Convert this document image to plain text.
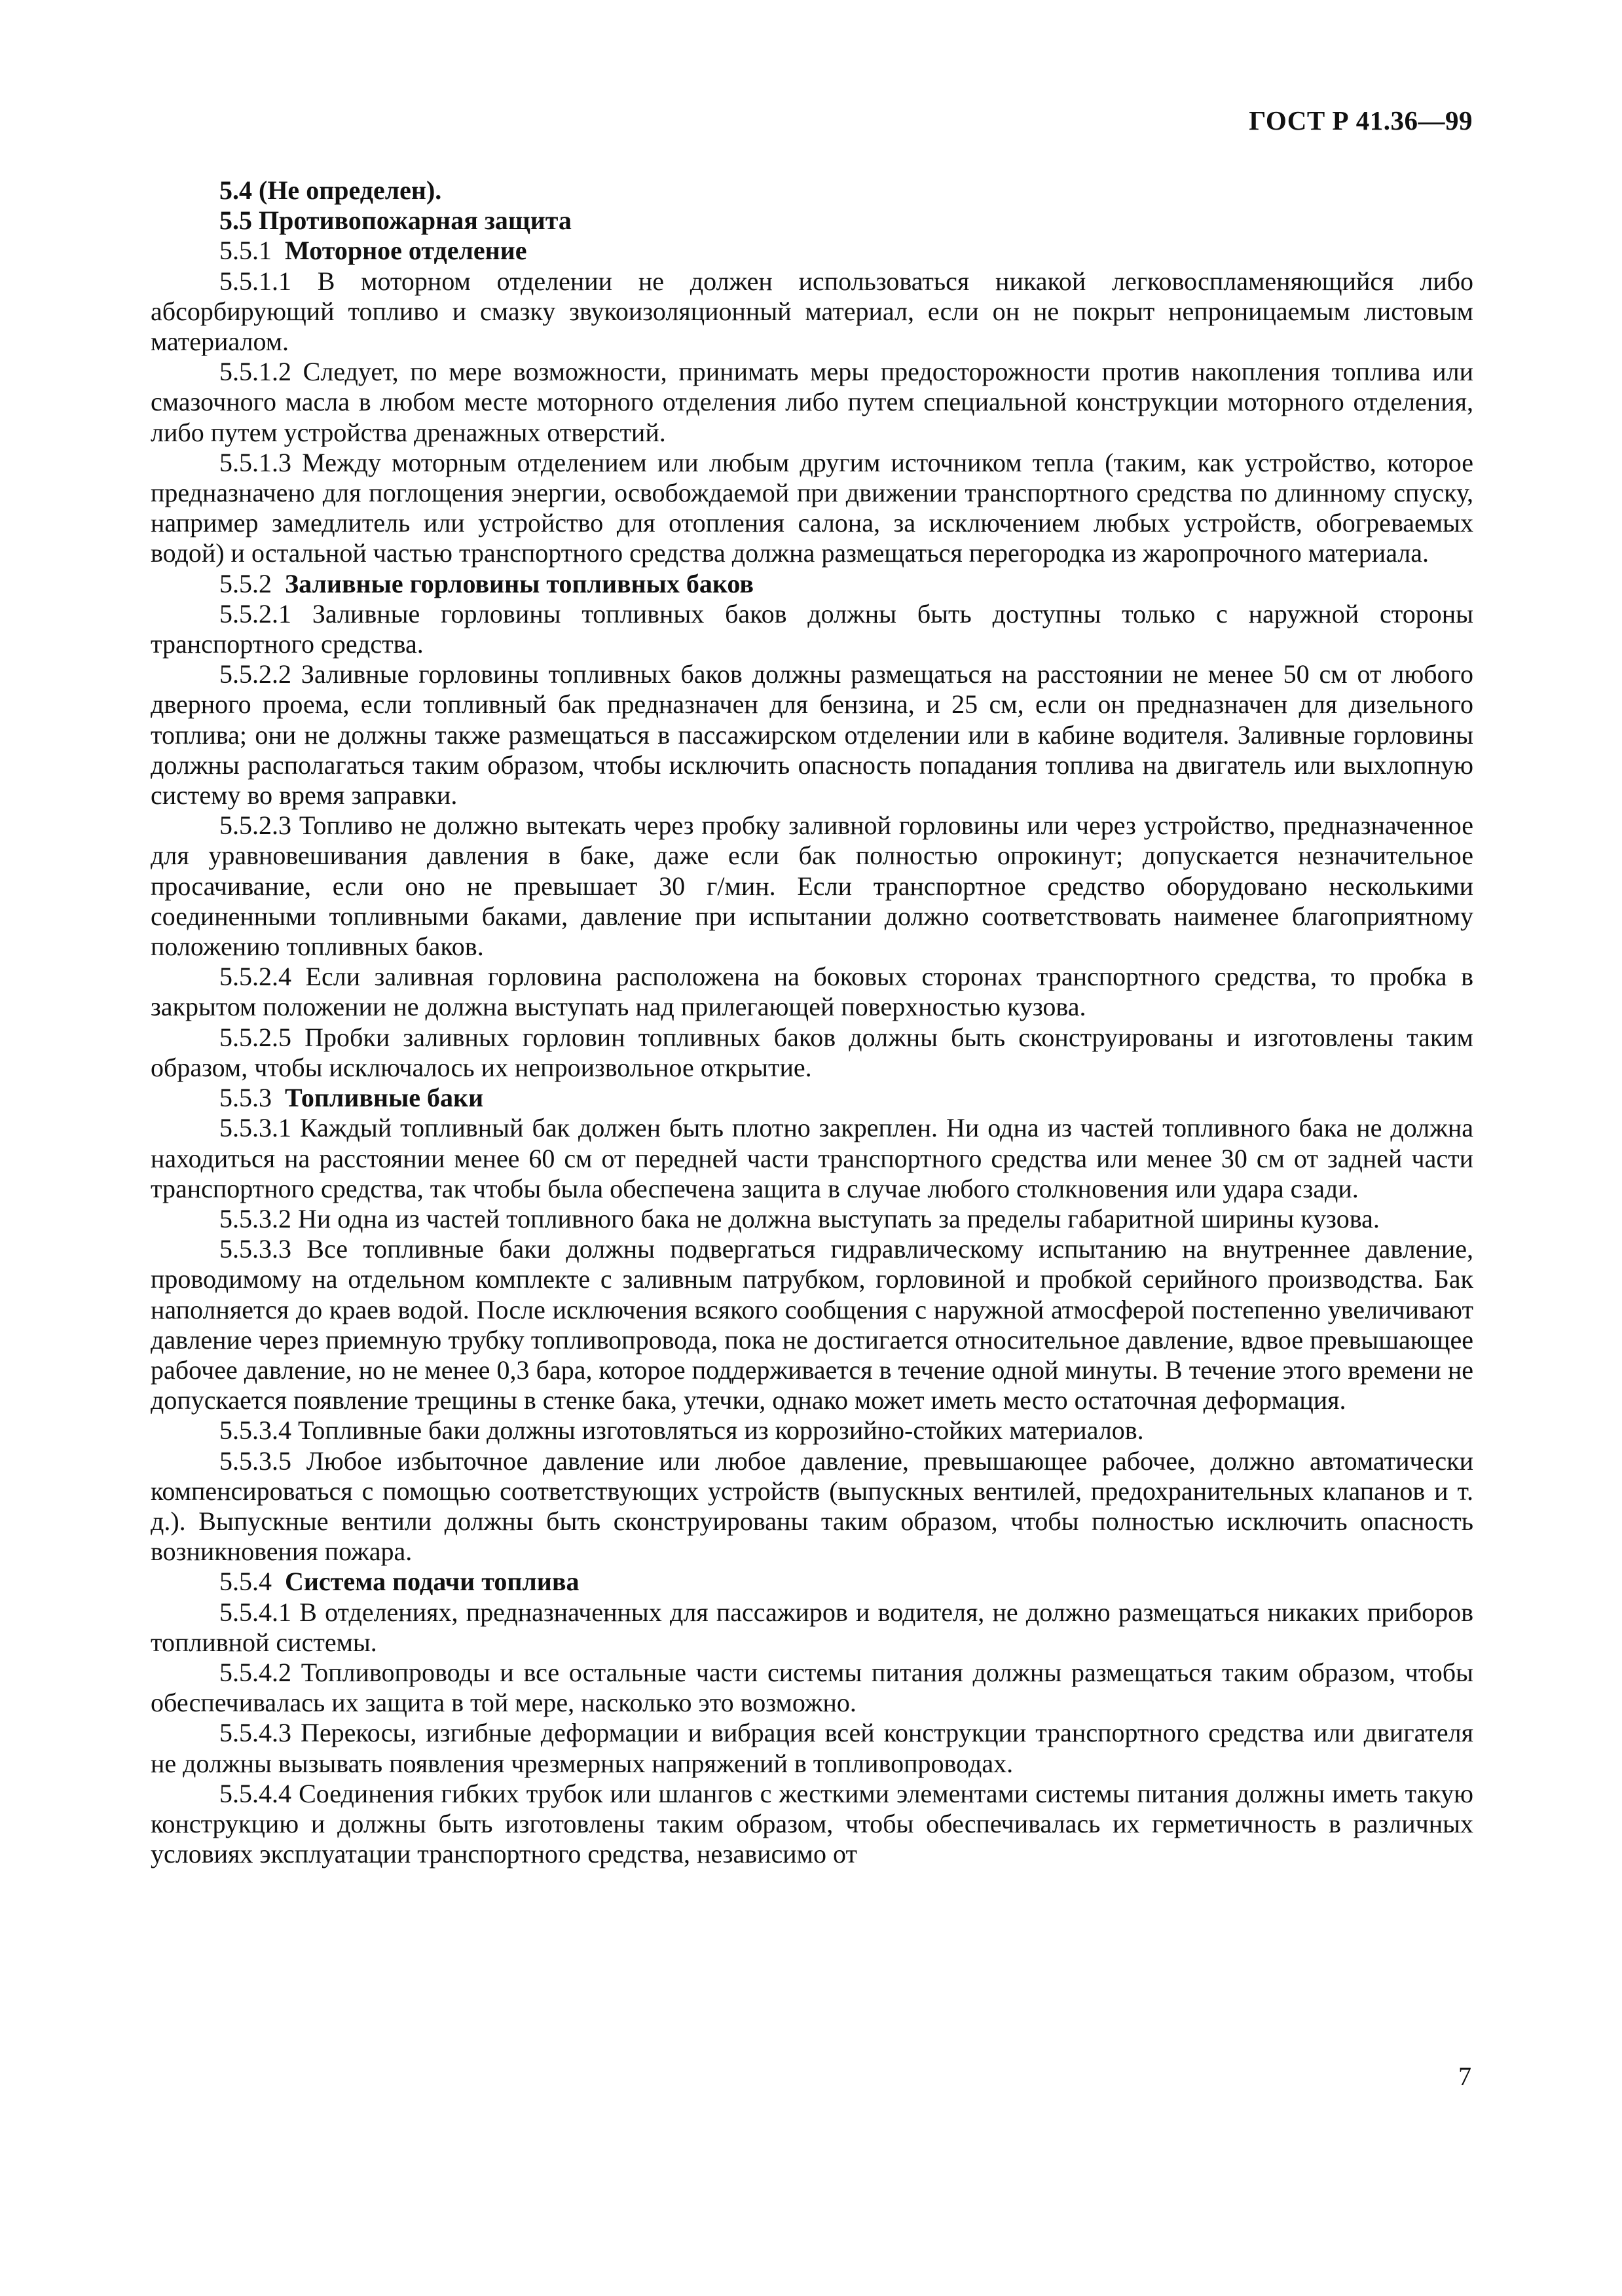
ГОСТ Р 41.36—99

5.4 (Не определен).

5.5 Противопожарная защита

5.5.1 Моторное отделение

5.5.1.1 В моторном отделении не должен использоваться никакой легковоспламеняющийся либо абсорбирующий топливо и смазку звукоизоляционный материал, если он не покрыт непроницаемым листовым материалом.

5.5.1.2 Следует, по мере возможности, принимать меры предосторожности против накопления топлива или смазочного масла в любом месте моторного отделения либо путем специальной конструкции моторного отделения, либо путем устройства дренажных отверстий.

5.5.1.3 Между моторным отделением или любым другим источником тепла (таким, как устройство, которое предназначено для поглощения энергии, освобождаемой при движении транспортного средства по длинному спуску, например замедлитель или устройство для отопления салона, за исключением любых устройств, обогреваемых водой) и остальной частью транспортного средства должна размещаться перегородка из жаропрочного материала.

5.5.2 Заливные горловины топливных баков

5.5.2.1 Заливные горловины топливных баков должны быть доступны только с наружной стороны транспортного средства.

5.5.2.2 Заливные горловины топливных баков должны размещаться на расстоянии не менее 50 см от любого дверного проема, если топливный бак предназначен для бензина, и 25 см, если он предназначен для дизельного топлива; они не должны также размещаться в пассажирском отделении или в кабине водителя. Заливные горловины должны располагаться таким образом, чтобы исключить опасность попадания топлива на двигатель или выхлопную систему во время заправки.

5.5.2.3 Топливо не должно вытекать через пробку заливной горловины или через устройство, предназначенное для уравновешивания давления в баке, даже если бак полностью опрокинут; допускается незначительное просачивание, если оно не превышает 30 г/мин. Если транспортное средство оборудовано несколькими соединенными топливными баками, давление при испытании должно соответствовать наименее благоприятному положению топливных баков.

5.5.2.4 Если заливная горловина расположена на боковых сторонах транспортного средства, то пробка в закрытом положении не должна выступать над прилегающей поверхностью кузова.

5.5.2.5 Пробки заливных горловин топливных баков должны быть сконструированы и изготовлены таким образом, чтобы исключалось их непроизвольное открытие.

5.5.3 Топливные баки

5.5.3.1 Каждый топливный бак должен быть плотно закреплен. Ни одна из частей топливного бака не должна находиться на расстоянии менее 60 см от передней части транспортного средства или менее 30 см от задней части транспортного средства, так чтобы была обеспечена защита в случае любого столкновения или удара сзади.

5.5.3.2 Ни одна из частей топливного бака не должна выступать за пределы габаритной ширины кузова.

5.5.3.3 Все топливные баки должны подвергаться гидравлическому испытанию на внутреннее давление, проводимому на отдельном комплекте с заливным патрубком, горловиной и пробкой серийного производства. Бак наполняется до краев водой. После исключения всякого сообщения с наружной атмосферой постепенно увеличивают давление через приемную трубку топливопровода, пока не достигается относительное давление, вдвое превышающее рабочее давление, но не менее 0,3 бара, которое поддерживается в течение одной минуты. В течение этого времени не допускается появление трещины в стенке бака, утечки, однако может иметь место остаточная деформация.

5.5.3.4 Топливные баки должны изготовляться из коррозийно-стойких материалов.

5.5.3.5 Любое избыточное давление или любое давление, превышающее рабочее, должно автоматически компенсироваться с помощью соответствующих устройств (выпускных вентилей, предохранительных клапанов и т. д.). Выпускные вентили должны быть сконструированы таким образом, чтобы полностью исключить опасность возникновения пожара.

5.5.4 Система подачи топлива

5.5.4.1 В отделениях, предназначенных для пассажиров и водителя, не должно размещаться никаких приборов топливной системы.

5.5.4.2 Топливопроводы и все остальные части системы питания должны размещаться таким образом, чтобы обеспечивалась их защита в той мере, насколько это возможно.

5.5.4.3 Перекосы, изгибные деформации и вибрация всей конструкции транспортного средства или двигателя не должны вызывать появления чрезмерных напряжений в топливопроводах.

5.5.4.4 Соединения гибких трубок или шлангов с жесткими элементами системы питания должны иметь такую конструкцию и должны быть изготовлены таким образом, чтобы обеспечивалась их герметичность в различных условиях эксплуатации транспортного средства, независимо от

7
